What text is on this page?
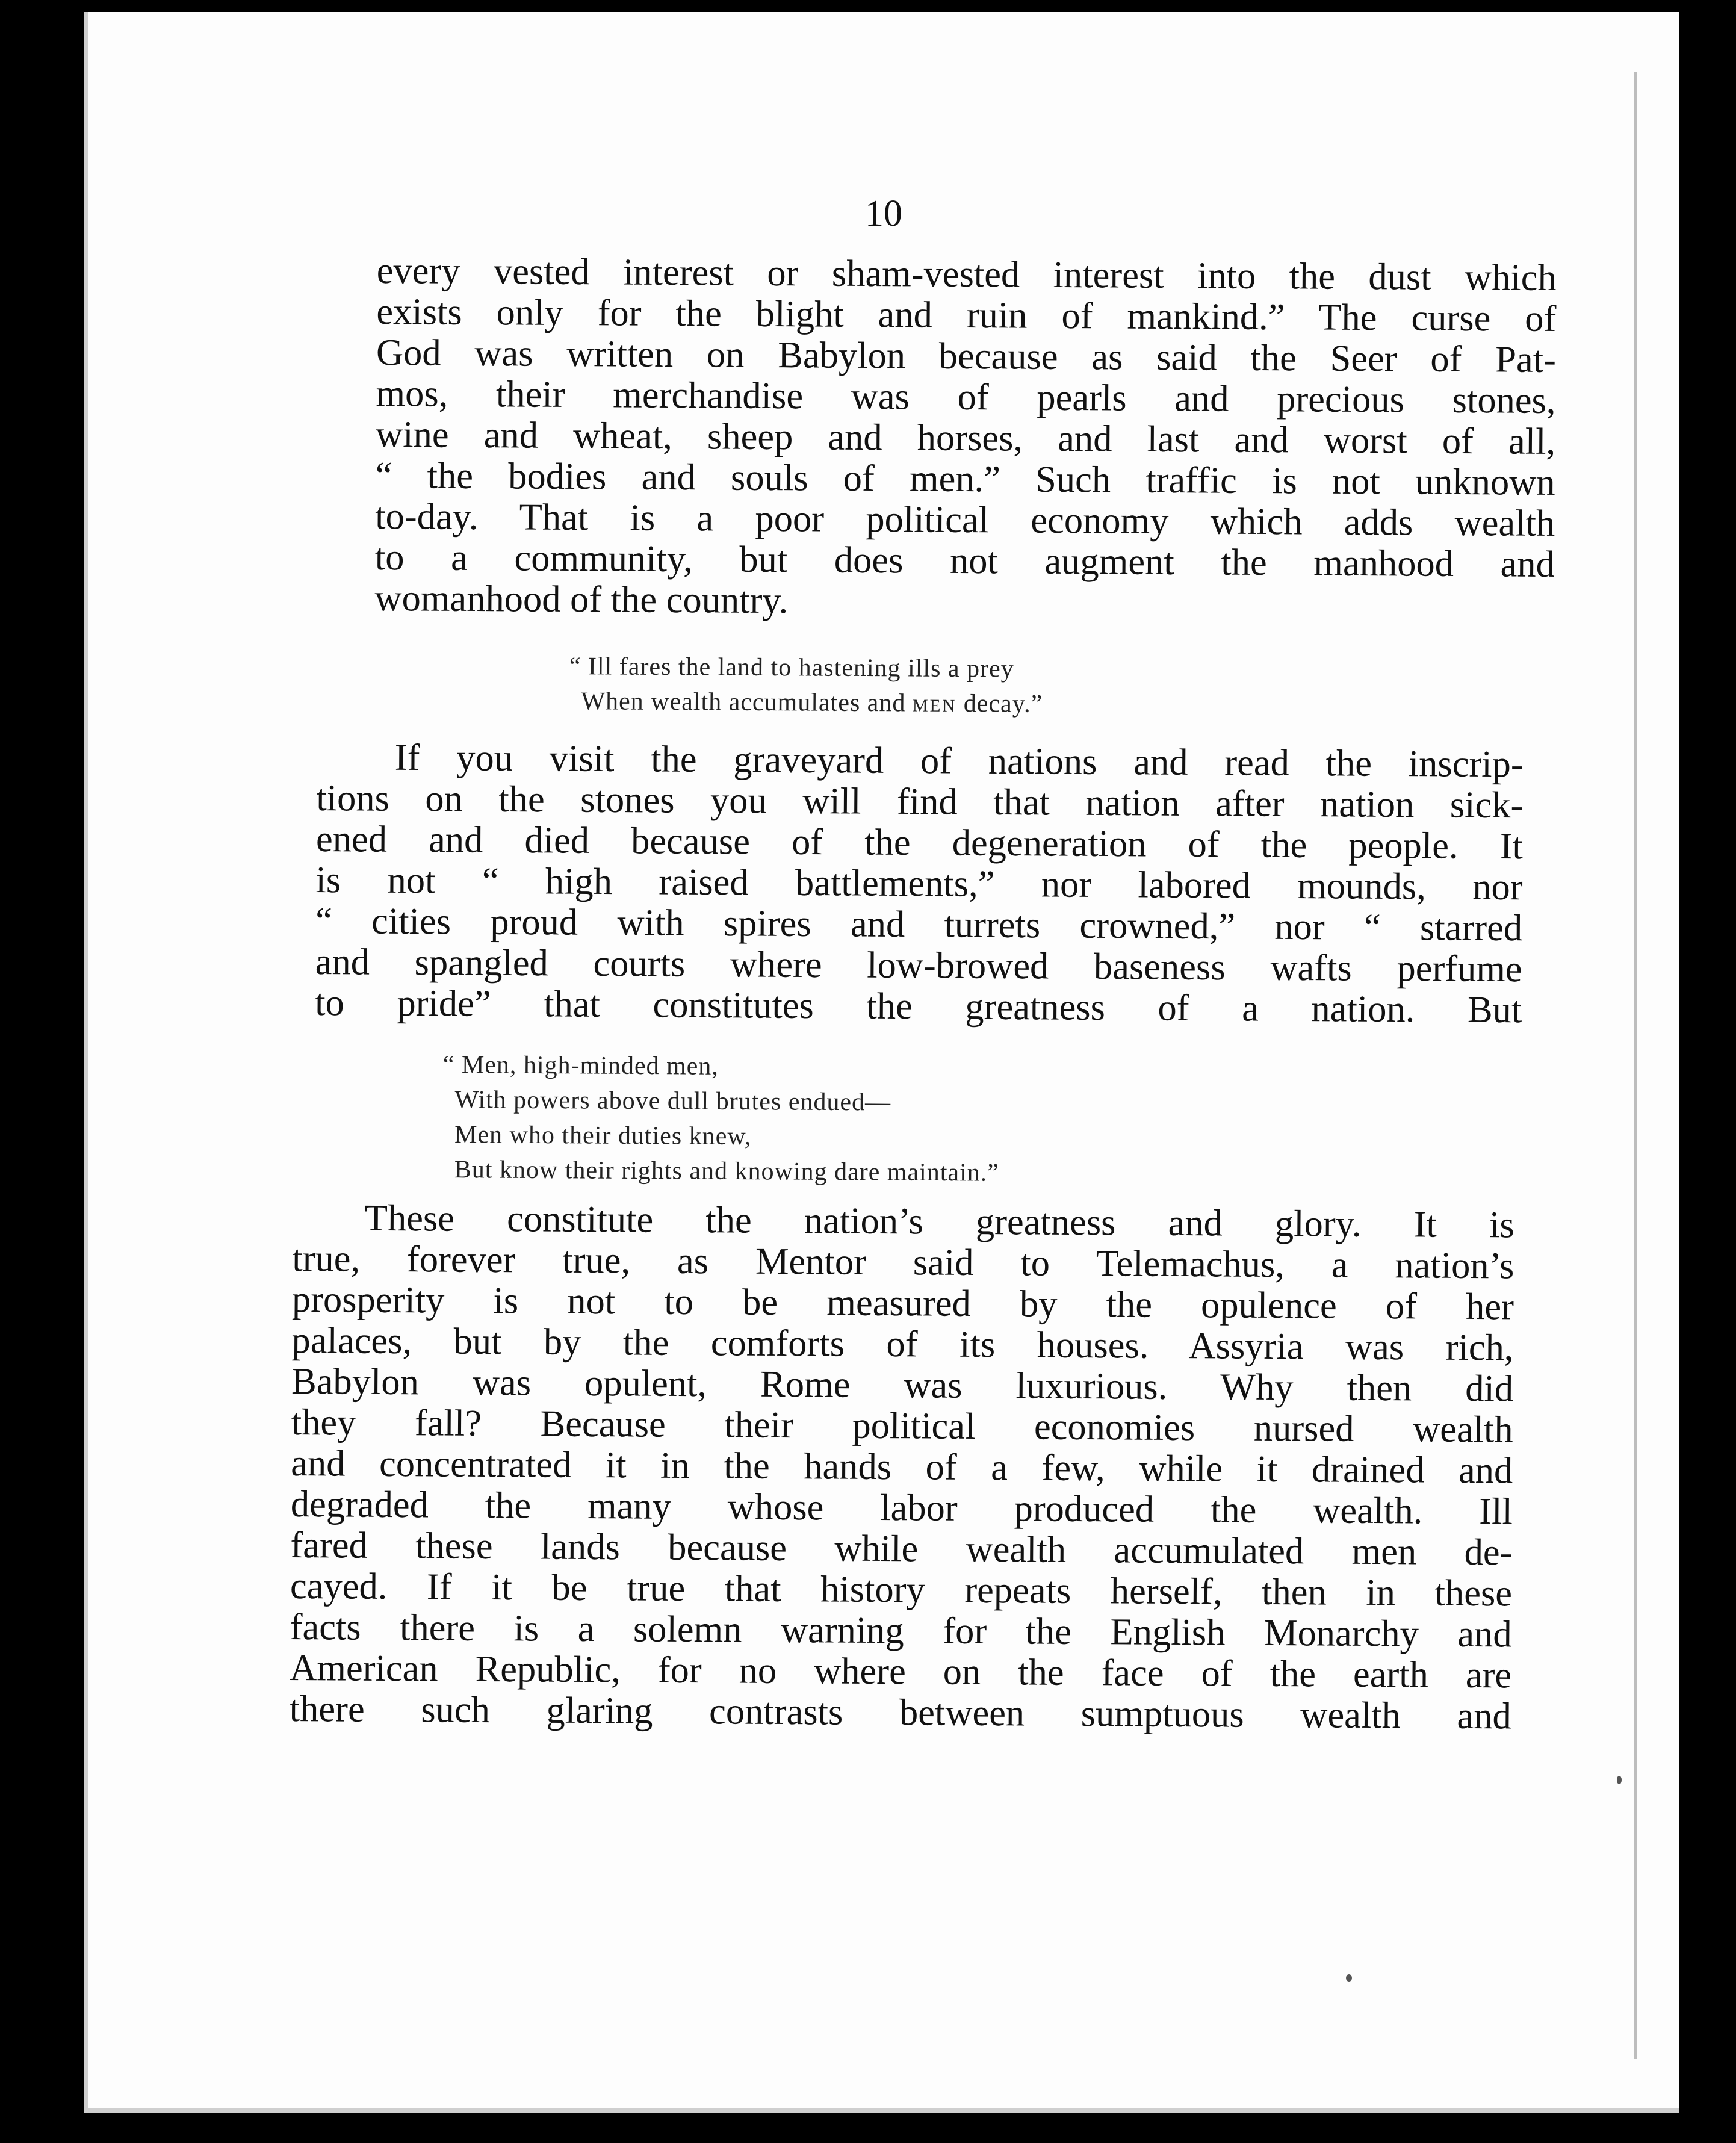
10
every vested interest or sham-vested interest into the dust which
exists only for the blight and ruin of mankind.” The curse of
God was written on Babylon because as said the Seer of Pat-
mos, their merchandise was of pearls and precious stones,
wine and wheat, sheep and horses, and last and worst of all,
“ the bodies and souls of men.” Such traffic is not unknown
to-day. That is a poor political economy which adds wealth
to a community, but does not augment the manhood and
womanhood of the country.
“ Ill fares the land to hastening ills a prey
When wealth accumulates and men decay.”
If you visit the graveyard of nations and read the inscrip-
tions on the stones you will find that nation after nation sick-
ened and died because of the degeneration of the people. It
is not “ high raised battlements,” nor labored mounds, nor
“ cities proud with spires and turrets crowned,” nor “ starred
and spangled courts where low-browed baseness wafts perfume
to pride” that constitutes the greatness of a nation. But
“ Men, high-minded men,
With powers above dull brutes endued—
Men who their duties knew,
But know their rights and knowing dare maintain.”
These constitute the nation’s greatness and glory. It is
true, forever true, as Mentor said to Telemachus, a nation’s
prosperity is not to be measured by the opulence of her
palaces, but by the comforts of its houses. Assyria was rich,
Babylon was opulent, Rome was luxurious. Why then did
they fall? Because their political economies nursed wealth
and concentrated it in the hands of a few, while it drained and
degraded the many whose labor produced the wealth. Ill
fared these lands because while wealth accumulated men de-
cayed. If it be true that history repeats herself, then in these
facts there is a solemn warning for the English Monarchy and
American Republic, for no where on the face of the earth are
there such glaring contrasts between sumptuous wealth and
